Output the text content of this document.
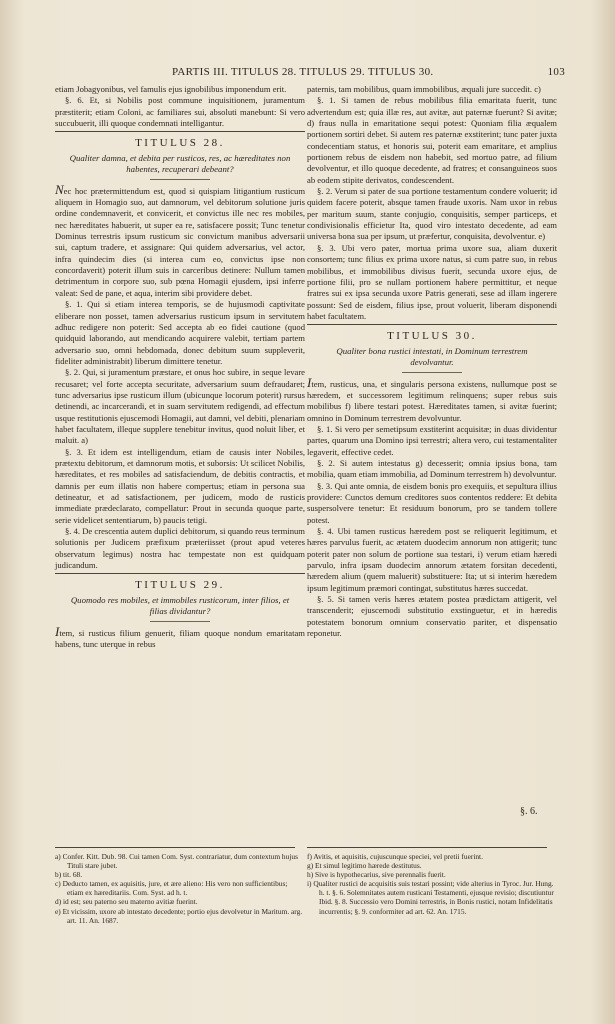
PARTIS III. TITULUS 28. TITULUS 29. TITULUS 30.	103

etiam Jobagyonibus, vel famulis ejus ignobilibus imponendum erit.

§. 6. Et, si Nobilis post commune inquisitionem, juramentum præstiterit; etiam Coloni, ac familiares sui, absoluti manebunt: Si vero succubuerit, illi quoque condemnati intelligantur.

TITULUS 28.
Qualiter damna, et debita per rusticos, res, ac hæreditates non habentes, recuperari debeant?

Nec hoc prætermittendum est, quod si quispiam litigantium rusticum aliquem in Homagio suo, aut damnorum, vel debitorum solutione juris ordine condemnaverit, et convicerit, et convictus ille nec res mobiles, nec hæreditates habuerit, ut super ea re, satisfacere possit; Tunc tenetur Dominus terrestris ipsum rusticum sic convictum manibus adversarii sui, captum tradere, et assignare: Qui quidem adversarius, vel actor, infra quindecim dies (si interea cum eo, convictus ipse non concordaverit) poterit illum suis in carceribus detinere: Nullum tamen detrimentum in corpore suo, sub pœna Homagii ejusdem, ipsi inferre valeat: Sed de pane, et aqua, interim sibi providere debet.

§. 1. Qui si etiam interea temporis, se de hujusmodi captivitate eliberare non posset, tamen adversarius rusticum ipsum in servitutem adhuc redigere non poterit: Sed accepta ab eo fidei cautione (quod quidquid laborando, aut mendicando acquirere valebit, tertiam partem adversario suo, omni hebdomada, donec debitum suum suppleverit, fideliter administrabit) liberum dimittere tenetur.

§. 2. Qui, si juramentum præstare, et onus hoc subire, in seque levare recusaret; vel forte accepta securitate, adversarium suum defraudaret; tunc adversarius ipse rusticum illum (ubicunque locorum poterit) rursus detinendi, ac incarcerandi, et in suam servitutem redigendi, ad effectum usque restitutionis ejuscemodi Homagii, aut damni, vel debiti, plenariam habet facultatem, illeque supplere tenebitur invitus, quod noluit liber, et maluit. a)

§. 3. Et idem est intelligendum, etiam de causis inter Nobiles, prætextu debitorum, et damnorum motis, et suborsis: Ut scilicet Nobilis, hæreditates, et res mobiles ad satisfaciendum, de debitis contractis, et damnis per eum illatis non habere compertus; etiam in persona sua detineatur, et ad satisfactionem, per judicem, modo de rusticis immediate prædeclarato, compellatur: Prout in secunda quoque parte, serie videlicet sententiarum, b) paucis tetigi.

§. 4. De crescentia autem duplici debitorum, si quando reus terminum solutionis per Judicem præfixum præteriisset (prout apud veteres observatum legimus) nostra hac tempestate non est quidquam judicandum.

TITULUS 29.
Quomodo res mobiles, et immobiles rusticorum, inter filios, et filias dividantur?

Item, si rusticus filium genuerit, filiam quoque nondum emaritatam habens, tunc uterque in rebus

paternis, tam mobilibus, quam immobilibus, æquali jure succedit. c)

§. 1. Si tamen de rebus mobilibus filia emaritata fuerit, tunc advertendum est; quia illæ res, aut avitæ, aut paternæ fuerunt? Si avitæ; d) fraus nulla in emaritatione sequi potest: Quoniam filia æqualem portionem sortiri debet. Si autem res paternæ exstiterint; tunc pater juxta condecentiam status, et honoris sui, poterit eam emaritare, et amplius portionem rebus de eisdem non habebit, sed mortuo patre, ad filium devolventur, et illo quoque decedente, ad fratres; et consanguineos suos ab eodem stipite derivatos, condescendent.

§. 2. Verum si pater de sua portione testamentum condere voluerit; id quidem facere poterit, absque tamen fraude uxoris. Nam uxor in rebus per maritum suum, stante conjugio, conquisitis, semper particeps, et condivisionalis efficietur Ita, quod viro intestato decedente, ad eam universa bona sua per ipsum, ut præfertur, conquisita, devolventur. e)

§. 3. Ubi vero pater, mortua prima uxore sua, aliam duxerit consortem; tunc filius ex prima uxore natus, si cum patre suo, in rebus mobilibus, et immobilibus divisus fuerit, secunda uxore ejus, de portione filii, pro se nullam portionem habere permittitur, et neque fratres sui ex ipsa secunda uxore Patris generati, sese ad illam ingerere possunt: Sed de eisdem, filius ipse, prout voluerit, liberam disponendi habet facultatem.

TITULUS 30.
Qualiter bona rustici intestati, in Dominum terrestrem devolvantur.

Item, rusticus, una, et singularis persona existens, nullumque post se hæredem, et successorem legitimum relinquens; super rebus suis mobilibus f) libere testari potest. Hæreditates tamen, si avitæ fuerint; omnino in Dominum terrestrem devolvuntur.

§. 1. Si vero per semetipsum exstiterint acquisitæ; in duas dividentur partes, quarum una Domino ipsi terrestri; altera vero, cui testamentaliter legaverit, effective cedet.

§. 2. Si autem intestatus g) decesserit; omnia ipsius bona, tam mobilia, quam etiam immobilia, ad Dominum terrestrem h) devolvuntur.

§. 3. Qui ante omnia, de eisdem bonis pro exequiis, et sepultura illius providere: Cunctos demum creditores suos contentos reddere: Et debita suspersolvere tenetur: Et residuum bonorum, pro se tandem tollere potest.

§. 4. Ubi tamen rusticus hæredem post se reliquerit legitimum, et hæres parvulus fuerit, ac ætatem duodecim annorum non attigerit; tunc poterit pater non solum de portione sua testari, i) verum etiam hæredi parvulo, infra ipsam duodecim annorum ætatem forsitan decedenti, hæredem alium (quem maluerit) substituere: Ita; ut si interim hæredem ipsum legitimum præmori contingat, substitutus hæres succedat.

§. 5. Si tamen veris hæres ætatem postea prædictam attigerit, vel transcenderit; ejuscemodi substitutio exstinguetur, et in hæredis potestatem bonorum omnium conservatio pariter, et dispensatio reponetur.

§. 6.

a) Confer. Kitt. Dub. 98. Cui tamen Com. Syst. contrariatur, dum contextum hujus Tituli stare jubet.

b) tit. 68.

c) Deducto tamen, ex aquisitis, jure, et ære alieno: His vero non sufficientibus; etiam ex hæreditariis. Com. Syst. ad h. t.

d) id est; seu paterno seu materno avitiæ fuerint.

e) Et vicissim, uxore ab intestato decedente; portio ejus devolvetur in Maritum. arg. art. 11. An. 1687.

f) Avitis, et aquisitis, cujuscunque speciei, vel pretii fuerint.

g) Et simul legitimo hærede destitutus.

h) Sive is hypothecarius, sive perennalis fuerit.

i) Qualiter rustici de acquisitis suis testari possint; vide alterius in Tyroc. Jur. Hung. h. t. §. 6. Solemnitates autem rusticani Testamenti, ejusque revisio; discutiuntur Ibid. §. 8. Successio vero Domini terrestris, in Bonis rustici, notam Infidelitatis incurrentis; §. 9. conformiter ad art. 62. An. 1715.
